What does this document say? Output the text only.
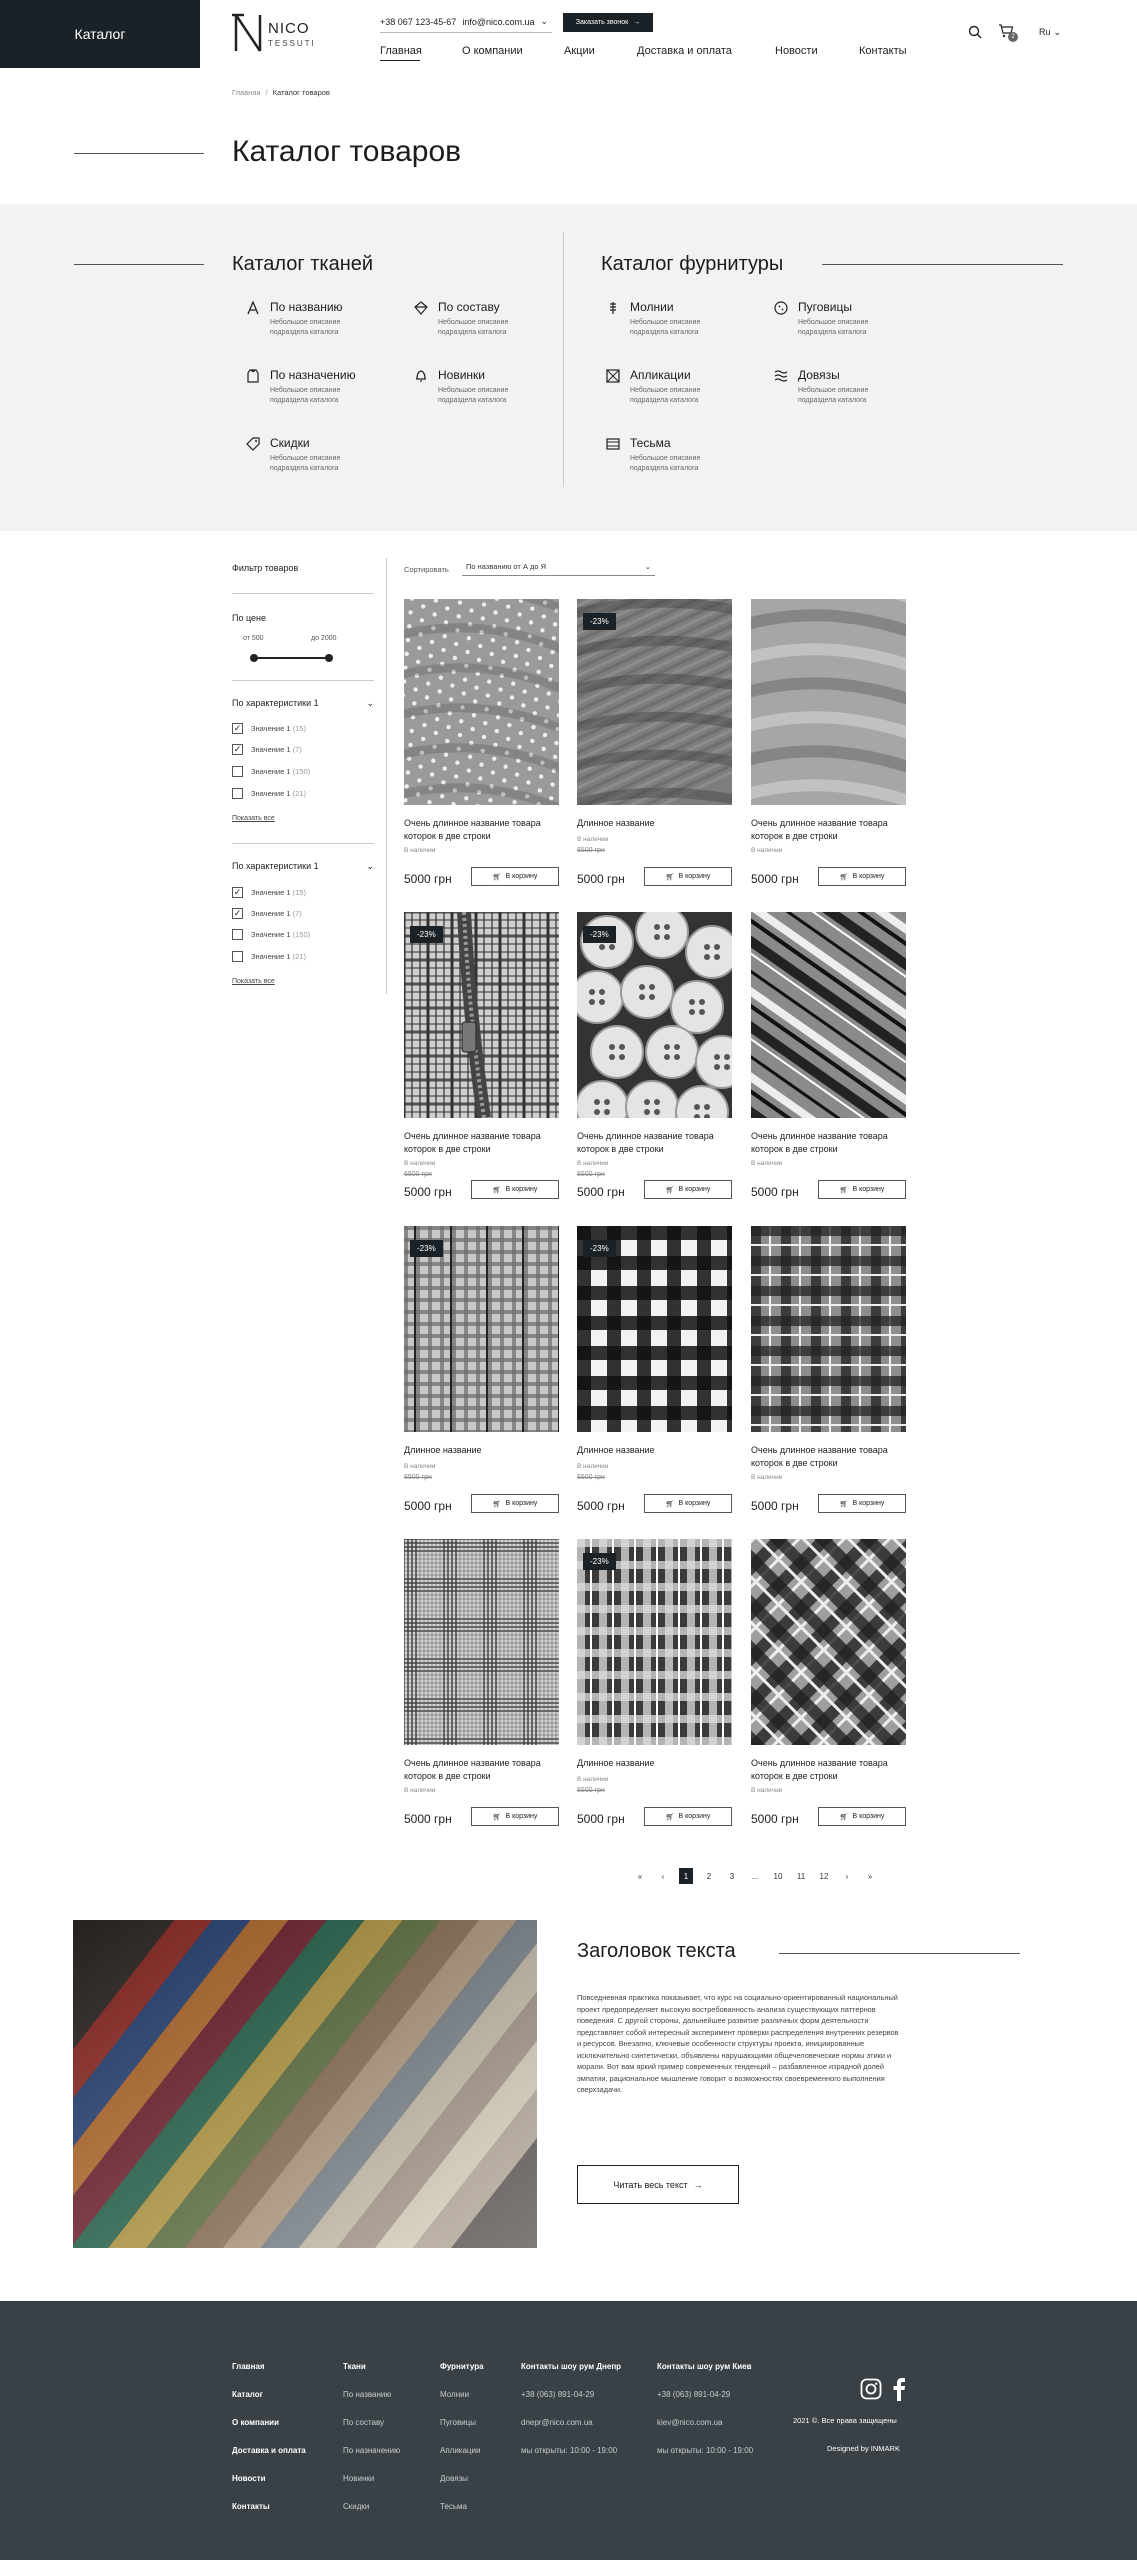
Каталог	NICO
TESSUTI
+38 067 123-45-67 info@nico.com.ua ⌄	Заказать звонок →
Главная	О компании	Акции	Доставка и оплата	Новости	Контакты
2	Ru ⌄
Главная / Каталог товаров
Каталог товаров
Каталог тканей	Каталог фурнитуры
По названию
Небольшое описание подраздела каталога
По составу
Небольшое описание подраздела каталога
По назначению
Небольшое описание подраздела каталога
Новинки
Небольшое описание подраздела каталога
Скидки
Небольшое описание подраздела каталога
Молнии
Небольшое описание подраздела каталога
Пуговицы
Небольшое описание подраздела каталога
Апликации
Небольшое описание подраздела каталога
Довязы
Небольшое описание подраздела каталога
Тесьма
Небольшое описание подраздела каталога
Фильтр товаров
По цене
от 500	до 2000
По характеристики 1	⌄
✓ Значение 1 (15)
✓ Значение 1 (7)
Значение 1 (150)
Значение 1 (21)
Показать все
По характеристики 1	⌄
✓ Значение 1 (15)
✓ Значение 1 (7)
Значение 1 (150)
Значение 1 (21)
Показать все
Сортировать По названию от А до Я	⌄
Очень длинное название товара которок в две строки
В наличии
5000 грн	🛒︎ В корзину
-23%
Длинное название
В наличии
6500 грн
5000 грн	🛒︎ В корзину
Очень длинное название товара которок в две строки
В наличии
5000 грн	🛒︎ В корзину
-23%
Очень длинное название товара которок в две строки
В наличии
6500 грн
5000 грн	🛒︎ В корзину
-23%
Очень длинное название товара которок в две строки
В наличии
6500 грн
5000 грн	🛒︎ В корзину
Очень длинное название товара которок в две строки
В наличии
5000 грн	🛒︎ В корзину
-23%
Длинное название
В наличии
6500 грн
5000 грн	🛒︎ В корзину
-23%
Длинное название
В наличии
6500 грн
5000 грн	🛒︎ В корзину
Очень длинное название товара которок в две строки
В наличии
5000 грн	🛒︎ В корзину
Очень длинное название товара которок в две строки
В наличии
5000 грн	🛒︎ В корзину
-23%
Длинное название
В наличии
6500 грн
5000 грн	🛒︎ В корзину
Очень длинное название товара которок в две строки
В наличии
5000 грн	🛒︎ В корзину
«	‹	1	2	3	...	10	11	12	›	»
Заголовок текста
Повседневная практика показывает, что курс на социально-ориентированный национальный проект предопределяет высокую востребованность анализа существующих паттернов поведения. С другой стороны, дальнейшее развитие различных форм деятельности представляет собой интересный эксперимент проверки распределения внутренних резервов и ресурсов. Внезапно, ключевые особенности структуры проекта, инициированные исключительно синтетически, объявлены нарушающими общечеловеческие нормы этики и морали. Вот вам яркий пример современных тенденций – разбавленное изрядной долей эмпатии, рациональное мышление говорит о возможностях своевременного выполнения сверхзадачи.
Читать весь текст →
Главная
Каталог
О компании
Доставка и оплата
Новости
Контакты
Ткани
По названию
По составу
По назначению
Новинки
Скидки
Фурнитура
Молнии
Пуговицы
Апликации
Довязы
Тесьма
Контакты шоу рум Днепр
+38 (063) 891-04-29
dnepr@nico.com.ua
мы открыты: 10:00 - 19:00
Контакты шоу рум Киев
+38 (063) 891-04-29
kiev@nico.com.ua
мы открыты: 10:00 - 19:00
2021 ©. Все права защищены
Designed by INMARK
